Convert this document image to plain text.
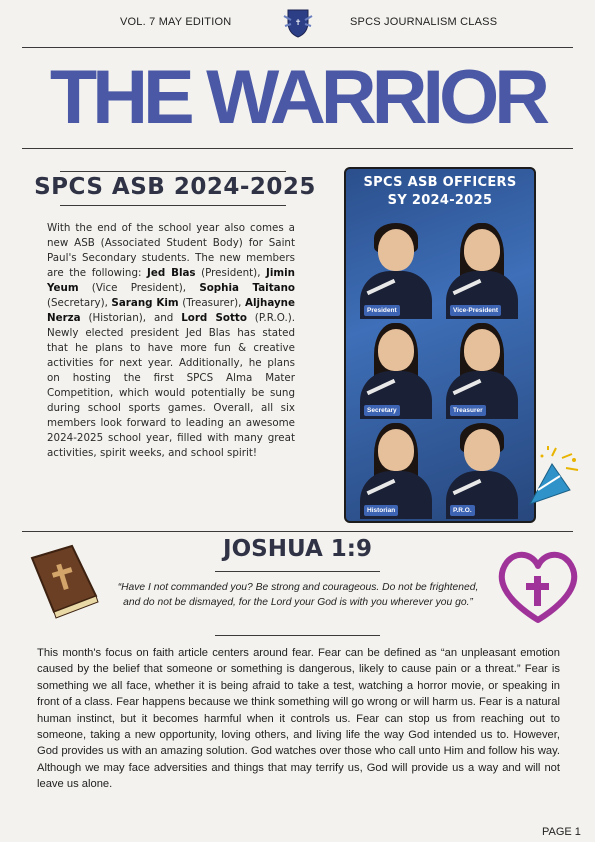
VOL. 7 MAY EDITION	✝	SPCS JOURNALISM CLASS
THE WARRIOR
SPCS ASB 2024-2025
With the end of the school year also comes a new ASB (Associated Student Body) for Saint Paul's Secondary students. The new members are the following: Jed Blas (President), Jimin Yeum (Vice President), Sophia Taitano (Secretary), Sarang Kim (Treasurer), Aljhayne Nerza (Historian), and Lord Sotto (P.R.O.). Newly elected president Jed Blas has stated that he plans to have more fun & creative activities for next year. Additionally, he plans on hosting the first SPCS Alma Mater Competition, which would potentially be sung during school sports games. Overall, all six members look forward to leading an awesome 2024-2025 school year, filled with many great activities, spirit weeks, and school spirit!
SPCS ASB OFFICERS
SY 2024-2025
President	Vice-President
Secretary	Treasurer
Historian	P.R.O.
JOSHUA 1:9
“Have I not commanded you? Be strong and courageous. Do not be frightened, and do not be dismayed, for the Lord your God is with you wherever you go.”
This month's focus on faith article centers around fear. Fear can be defined as “an unpleasant emotion caused by the belief that someone or something is dangerous, likely to cause pain or a threat.” Fear is something we all face, whether it is being afraid to take a test, watching a horror movie, or speaking in front of a class. Fear happens because we think something will go wrong or will harm us. Fear is a natural human instinct, but it becomes harmful when it controls us. Fear can stop us from reaching out to someone, taking a new opportunity, loving others, and living life the way God intended us to. However, God provides us with an amazing solution. God watches over those who call unto Him and follow his way. Although we may face adversities and things that may terrify us, God will provide us a way and will not leave us alone.
PAGE 1
